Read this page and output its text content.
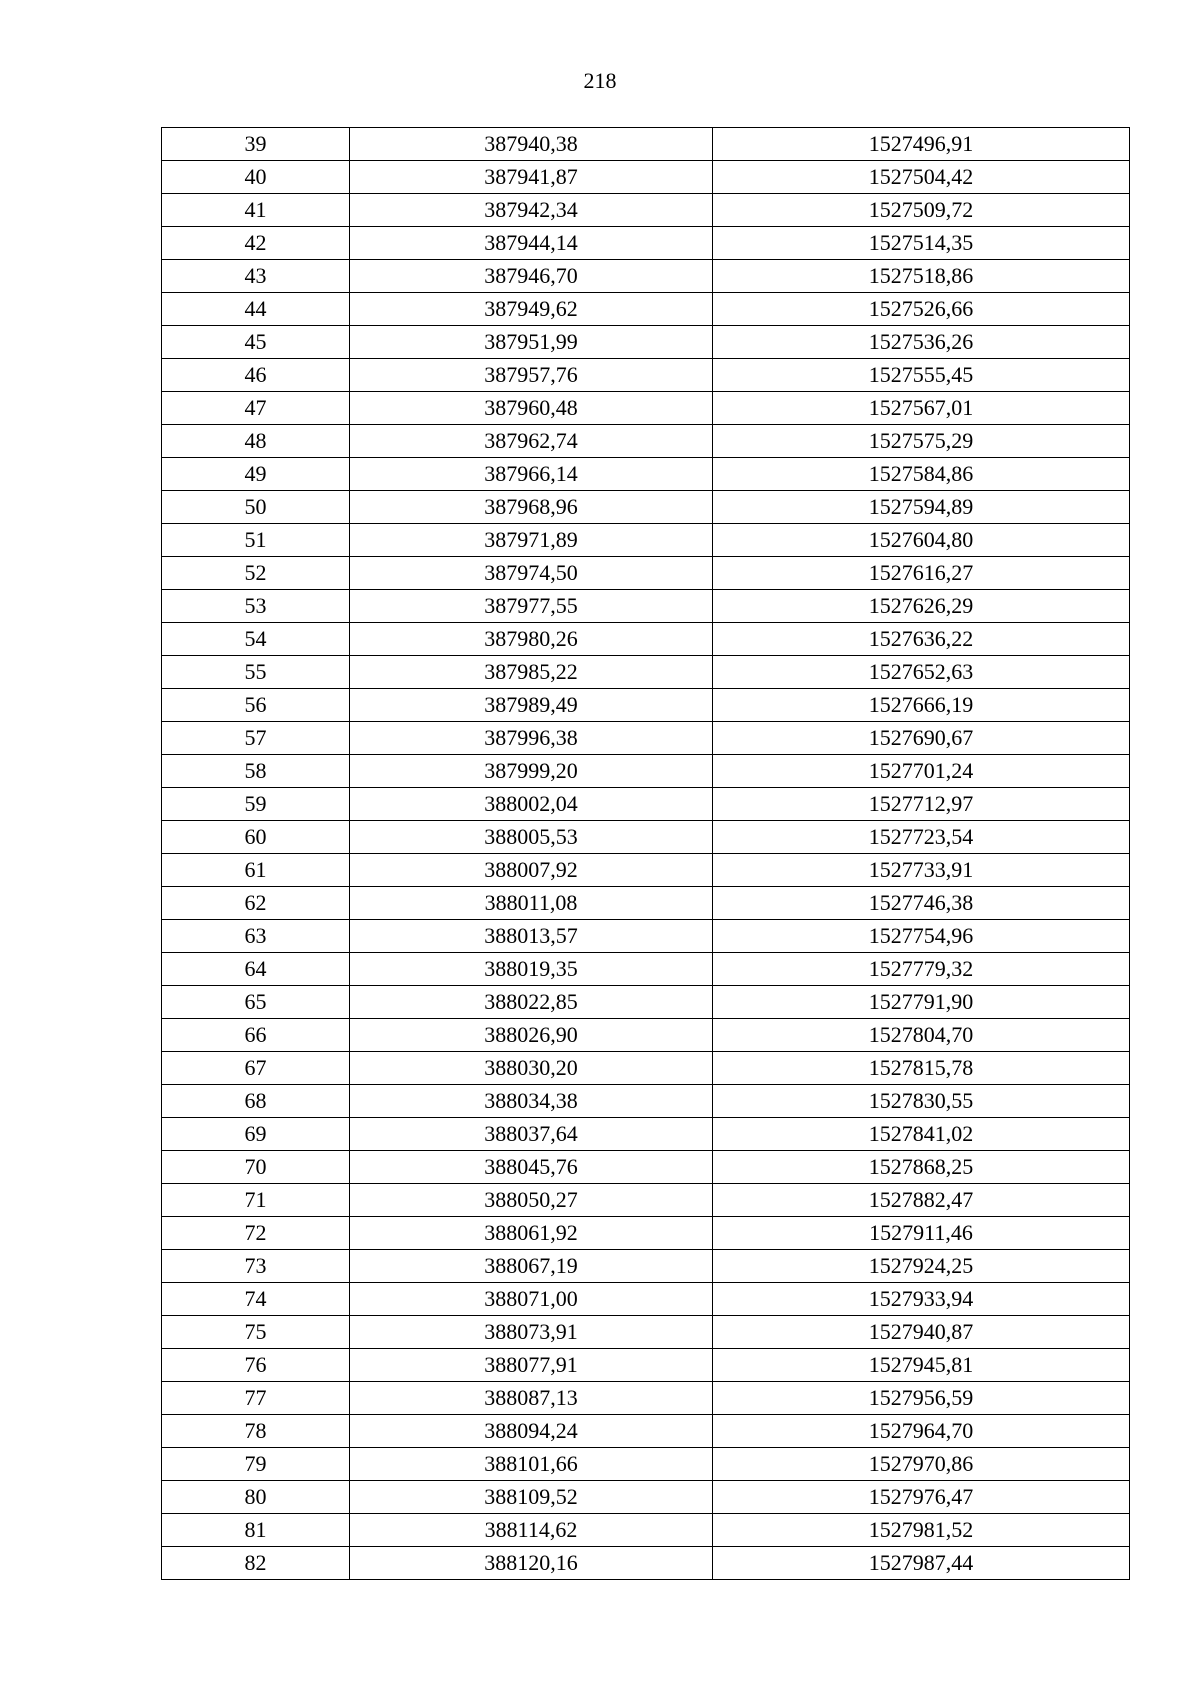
218
39	387940,38	1527496,91
40	387941,87	1527504,42
41	387942,34	1527509,72
42	387944,14	1527514,35
43	387946,70	1527518,86
44	387949,62	1527526,66
45	387951,99	1527536,26
46	387957,76	1527555,45
47	387960,48	1527567,01
48	387962,74	1527575,29
49	387966,14	1527584,86
50	387968,96	1527594,89
51	387971,89	1527604,80
52	387974,50	1527616,27
53	387977,55	1527626,29
54	387980,26	1527636,22
55	387985,22	1527652,63
56	387989,49	1527666,19
57	387996,38	1527690,67
58	387999,20	1527701,24
59	388002,04	1527712,97
60	388005,53	1527723,54
61	388007,92	1527733,91
62	388011,08	1527746,38
63	388013,57	1527754,96
64	388019,35	1527779,32
65	388022,85	1527791,90
66	388026,90	1527804,70
67	388030,20	1527815,78
68	388034,38	1527830,55
69	388037,64	1527841,02
70	388045,76	1527868,25
71	388050,27	1527882,47
72	388061,92	1527911,46
73	388067,19	1527924,25
74	388071,00	1527933,94
75	388073,91	1527940,87
76	388077,91	1527945,81
77	388087,13	1527956,59
78	388094,24	1527964,70
79	388101,66	1527970,86
80	388109,52	1527976,47
81	388114,62	1527981,52
82	388120,16	1527987,44
